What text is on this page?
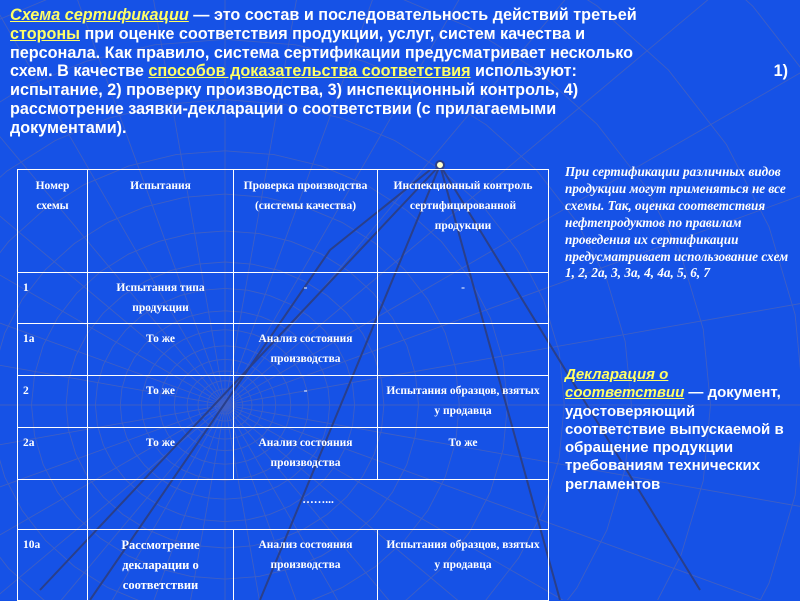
Схема сертификации — это состав и последовательность действий третьей
стороны при оценке соответствия продукции, услуг, систем качества и
персонала. Как правило, система сертификации предусматривает несколько
схем. В качестве способов доказательства соответствия используют:	1)
испытание, 2) проверку производства, 3) инспекционный контроль, 4)
рассмотрение заявки-декларации о соответствии (с прилагаемыми
документами).
Номер схемы	Испытания	Проверка производства (системы качества)	Инспекционный контроль сертифицированной продукции
1	Испытания типа продукции	-	-
1а	То же	Анализ состояния производства	
2	То же	-	Испытания образцов, взятых у продавца
2а	То же	Анализ состояния производства	То же
	……...		
10а	Рассмотрение декларации о соответствии	Анализ состояния производства	Испытания образцов, взятых у продавца
При сертификации различных видов продукции могут применяться не все схемы. Так, оценка соответствия нефтепродуктов по правилам проведения их сертификации предусматривает использование схем 1, 2, 2а, 3, 3а, 4, 4а, 5, 6, 7
Декларация о соответствии — документ, удостоверяющий соответствие выпускаемой в обращение продукции требованиям технических регламентов
